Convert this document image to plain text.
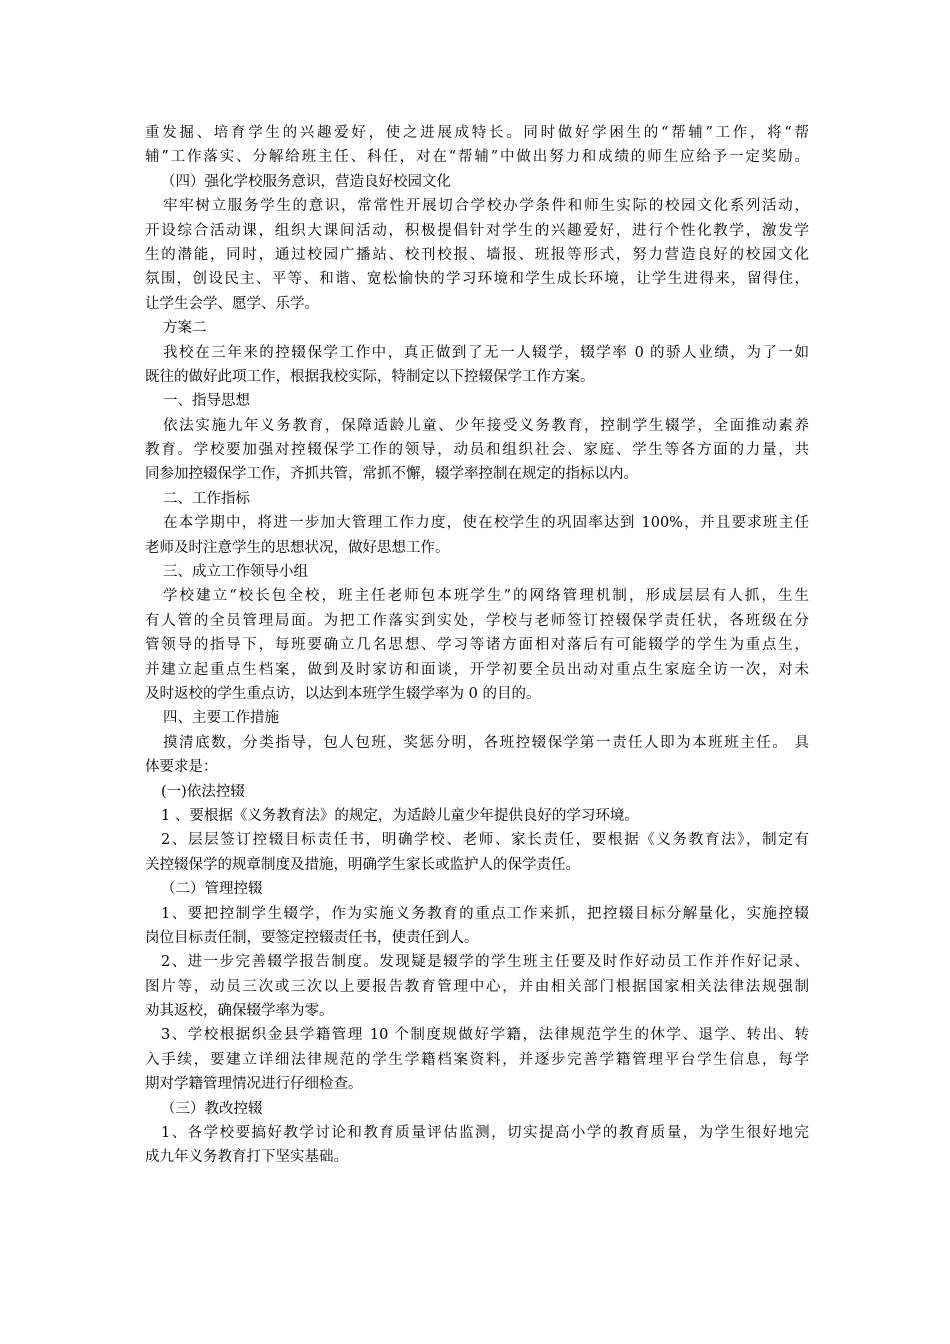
重发掘、培育学生的兴趣爱好，使之进展成特长。同时做好学困生的“帮辅”工作，将“帮
辅”工作落实、分解给班主任、科任，对在“帮辅”中做出努力和成绩的师生应给予一定奖励。
（四）强化学校服务意识，营造良好校园文化
牢牢树立服务学生的意识，常常性开展切合学校办学条件和师生实际的校园文化系列活动，
开设综合活动课，组织大课间活动，积极提倡针对学生的兴趣爱好，进行个性化教学，激发学
生的潜能，同时，通过校园广播站、校刊校报、墙报、班报等形式，努力营造良好的校园文化
氛围，创设民主、平等、和谐、宽松愉快的学习环境和学生成长环境，让学生进得来，留得住，
让学生会学、愿学、乐学。
方案二
我校在三年来的控辍保学工作中，真正做到了无一人辍学，辍学率 0 的骄人业绩，为了一如
既往的做好此项工作，根据我校实际，特制定以下控辍保学工作方案。
一、指导思想
依法实施九年义务教育，保障适龄儿童、少年接受义务教育，控制学生辍学，全面推动素养
教育。学校要加强对控辍保学工作的领导，动员和组织社会、家庭、学生等各方面的力量，共
同参加控辍保学工作，齐抓共管，常抓不懈，辍学率控制在规定的指标以内。
二、工作指标
在本学期中，将进一步加大管理工作力度，使在校学生的巩固率达到 100%，并且要求班主任
老师及时注意学生的思想状况，做好思想工作。
三、成立工作领导小组
学校建立“校长包全校，班主任老师包本班学生”的网络管理机制，形成层层有人抓，生生
有人管的全员管理局面。为把工作落实到实处，学校与老师签订控辍保学责任状，各班级在分
管领导的指导下，每班要确立几名思想、学习等诸方面相对落后有可能辍学的学生为重点生，
并建立起重点生档案，做到及时家访和面谈，开学初要全员出动对重点生家庭全访一次，对未
及时返校的学生重点访，以达到本班学生辍学率为 0 的目的。
四、主要工作措施
摸清底数，分类指导，包人包班，奖惩分明，各班控辍保学第一责任人即为本班班主任。 具
体要求是：
(一)依法控辍
1 、要根据《义务教育法》的规定，为适龄儿童少年提供良好的学习环境。
2、层层签订控辍目标责任书，明确学校、老师、家长责任，要根据《义务教育法》，制定有
关控辍保学的规章制度及措施，明确学生家长或监护人的保学责任。
（二）管理控辍
1、要把控制学生辍学，作为实施义务教育的重点工作来抓，把控辍目标分解量化，实施控辍
岗位目标责任制，要签定控辍责任书，使责任到人。
2、进一步完善辍学报告制度。发现疑是辍学的学生班主任要及时作好动员工作并作好记录、
图片等，动员三次或三次以上要报告教育管理中心，并由相关部门根据国家相关法律法规强制
劝其返校，确保辍学率为零。
3、学校根据织金县学籍管理 10 个制度规做好学籍，法律规范学生的休学、退学、转出、转
入手续，要建立详细法律规范的学生学籍档案资料，并逐步完善学籍管理平台学生信息，每学
期对学籍管理情况进行仔细检查。
（三）教改控辍
1、各学校要搞好教学讨论和教育质量评估监测，切实提高小学的教育质量，为学生很好地完
成九年义务教育打下坚实基础。
